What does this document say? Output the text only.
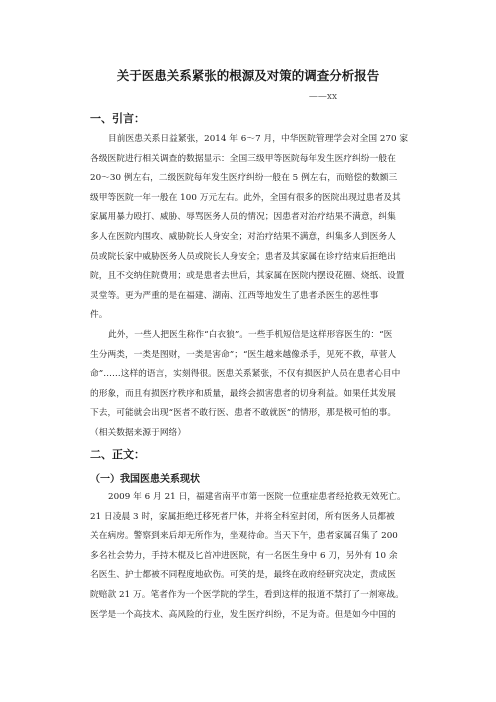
关于医患关系紧张的根源及对策的调查分析报告
——xx
一、引言：
目前医患关系日益紧张，2014 年 6～7 月，中华医院管理学会对全国 270 家
各级医院进行相关调查的数据显示：全国三级甲等医院每年发生医疗纠纷一般在
20～30 例左右，二级医院每年发生医疗纠纷一般在 5 例左右，而赔偿的数额三
级甲等医院一年一般在 100 万元左右。此外，全国有很多的医院出现过患者及其
家属用暴力殴打、威胁、辱骂医务人员的情况；因患者对治疗结果不满意，纠集
多人在医院内围攻、威胁院长人身安全；对治疗结果不满意，纠集多人到医务人
员或院长家中威胁医务人员或院长人身安全；患者及其家属在诊疗结束后拒绝出
院，且不交纳住院费用；或是患者去世后，其家属在医院内摆设花圈、烧纸、设置
灵堂等。更为严重的是在福建、湖南、江西等地发生了患者杀医生的恶性事
件。
此外，一些人把医生称作“白衣狼”。一些手机短信是这样形容医生的：“医
生分两类，一类是图财，一类是害命”；“医生越来越像杀手，见死不救，草菅人
命”……这样的语言，实刻得很。医患关系紧张，不仅有损医护人员在患者心目中
的形象，而且有损医疗秩序和质量，最终会损害患者的切身利益。如果任其发展
下去，可能就会出现“医者不敢行医、患者不敢就医”的情形，那是极可怕的事。
（相关数据来源于网络）
二、正文：
（一）我国医患关系现状
2009 年 6 月 21 日，福建省南平市第一医院一位重症患者经抢救无效死亡。
21 日凌晨 3 时，家属拒绝迁移死者尸体，并将全科室封闭，所有医务人员都被
关在病房。警察到来后却无所作为，坐观待命。当天下午，患者家属召集了 200
多名社会势力，手持木棍及匕首冲进医院，有一名医生身中 6 刀，另外有 10 余
名医生、护士都被不同程度地砍伤。可笑的是，最终在政府经研究决定，责成医
院赔款 21 万。笔者作为一个医学院的学生，看到这样的报道不禁打了一剂寒战。
医学是一个高技术、高风险的行业，发生医疗纠纷，不足为奇。但是如今中国的
